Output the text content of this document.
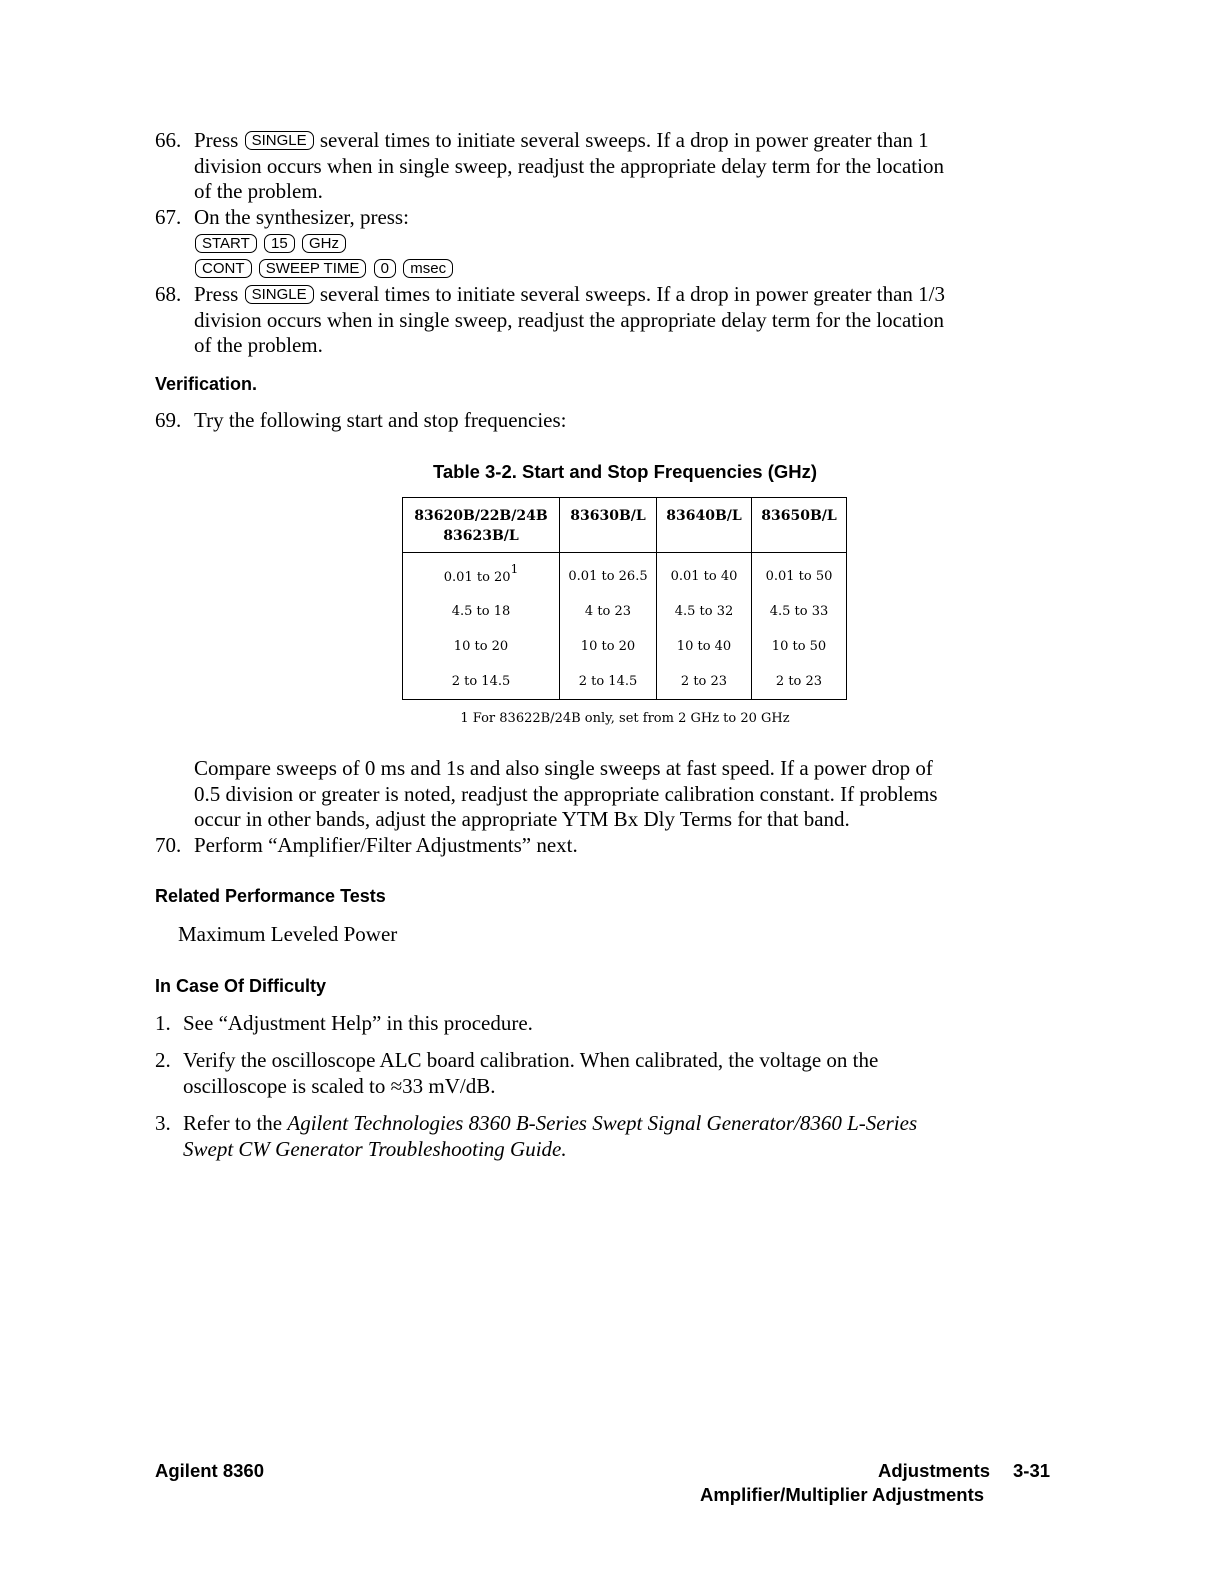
66. Press SINGLE several times to initiate several sweeps. If a drop in power greater than 1
division occurs when in single sweep, readjust the appropriate delay term for the location
of the problem.
67. On the synthesizer, press:
START 15 GHz
CONT SWEEP TIME 0 msec
68. Press SINGLE several times to initiate several sweeps. If a drop in power greater than 1/3
division occurs when in single sweep, readjust the appropriate delay term for the location
of the problem.
Verification.
69. Try the following start and stop frequencies:
Table 3-2. Start and Stop Frequencies (GHz)
83620B/22B/24B
83623B/L	83630B/L	83640B/L	83650B/L
0.01 to $20^1$	0.01 to 26.5	0.01 to 40	0.01 to 50
4.5 to 18	4 to 23	4.5 to 32	4.5 to 33
10 to 20	10 to 20	10 to 40	10 to 50
2 to 14.5	2 to 14.5	2 to 23	2 to 23
1 For 83622B/24B only, set from 2 GHz to 20 GHz
Compare sweeps of 0 ms and 1s and also single sweeps at fast speed. If a power drop of
0.5 division or greater is noted, readjust the appropriate calibration constant. If problems
occur in other bands, adjust the appropriate YTM Bx Dly Terms for that band.
70. Perform “Amplifier/Filter Adjustments” next.
Related Performance Tests
Maximum Leveled Power
In Case Of Difficulty
1. See “Adjustment Help” in this procedure.
2. Verify the oscilloscope ALC board calibration. When calibrated, the voltage on the
oscilloscope is scaled to ≈33 mV/dB.
3. Refer to the Agilent Technologies 8360 B-Series Swept Signal Generator/8360 L-Series
Swept CW Generator Troubleshooting Guide.
Agilent 8360	Adjustments 3-31
Amplifier/Multiplier Adjustments
